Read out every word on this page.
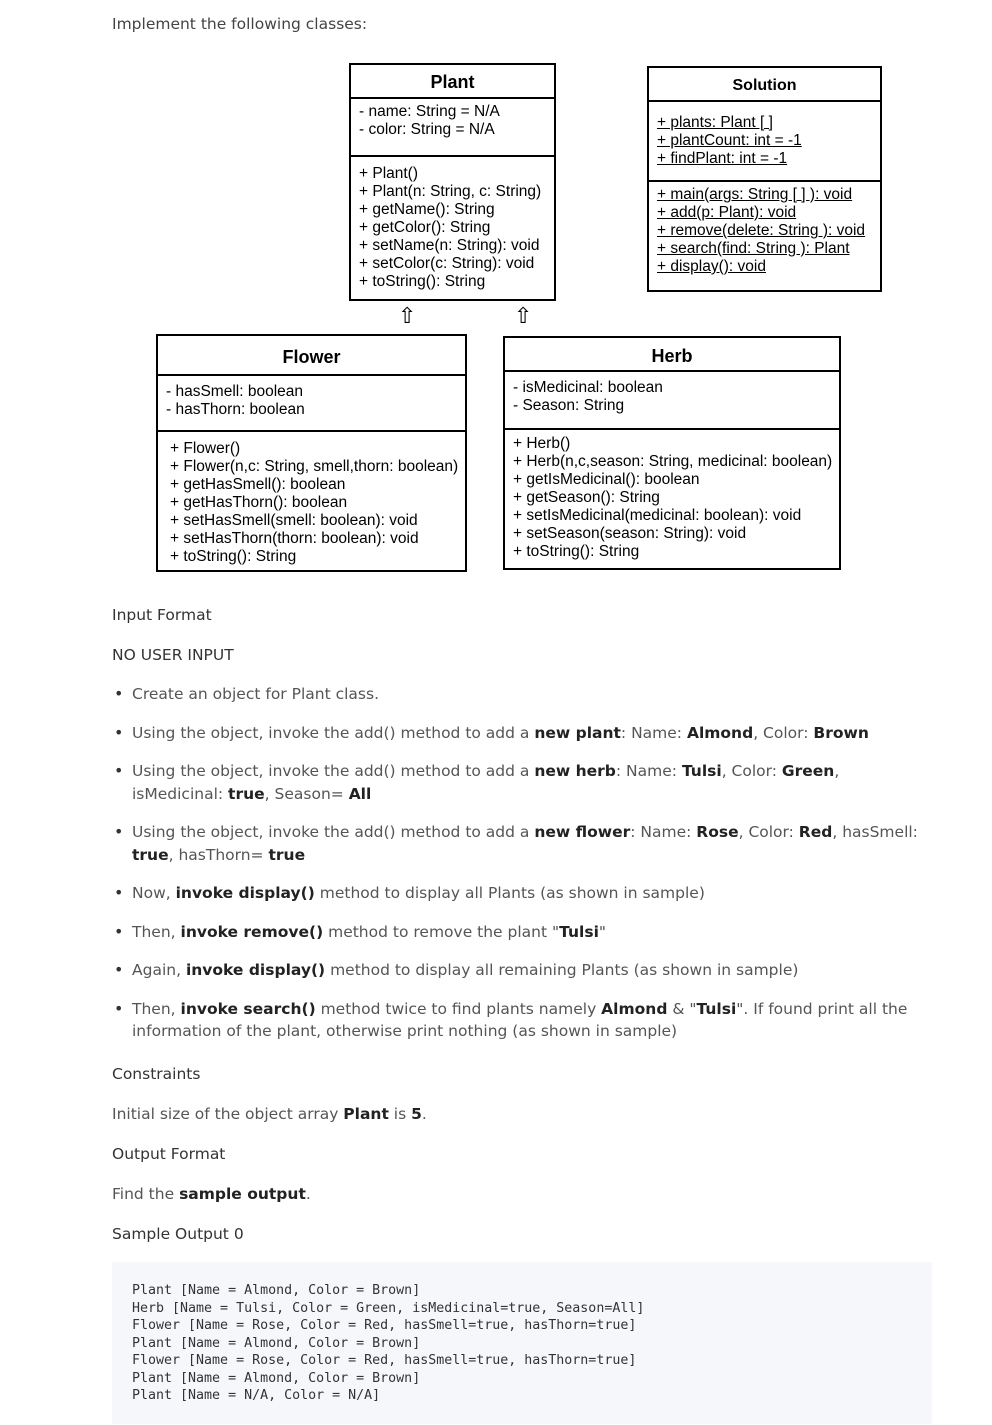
Implement the following classes:
Plant
- name: String = N/A
- color: String = N/A
+ Plant()
+ Plant(n: String, c: String)
+ getName(): String
+ getColor(): String
+ setName(n: String): void
+ setColor(c: String): void
+ toString(): String
Solution
+ plants: Plant [ ]
+ plantCount: int = -1
+ findPlant: int = -1
+ main(args: String [ ] ): void
+ add(p: Plant): void
+ remove(delete: String ): void
+ search(find: String ): Plant
+ display(): void
⇧	⇧
Flower
- hasSmell: boolean
- hasThorn: boolean
+ Flower()
+ Flower(n,c: String, smell,thorn: boolean)
+ getHasSmell(): boolean
+ getHasThorn(): boolean
+ setHasSmell(smell: boolean): void
+ setHasThorn(thorn: boolean): void
+ toString(): String
Herb
- isMedicinal: boolean
- Season: String
+ Herb()
+ Herb(n,c,season: String, medicinal: boolean)
+ getIsMedicinal(): boolean
+ getSeason(): String
+ setIsMedicinal(medicinal: boolean): void
+ setSeason(season: String): void
+ toString(): String
Input Format
NO USER INPUT
• Create an object for Plant class.
• Using the object, invoke the add() method to add a new plant: Name: Almond, Color: Brown
• Using the object, invoke the add() method to add a new herb: Name: Tulsi, Color: Green, isMedicinal: true, Season= All
• Using the object, invoke the add() method to add a new flower: Name: Rose, Color: Red, hasSmell: true, hasThorn= true
• Now, invoke display() method to display all Plants (as shown in sample)
• Then, invoke remove() method to remove the plant "Tulsi"
• Again, invoke display() method to display all remaining Plants (as shown in sample)
• Then, invoke search() method twice to find plants namely Almond & "Tulsi". If found print all the information of the plant, otherwise print nothing (as shown in sample)
Constraints
Initial size of the object array Plant is 5.
Output Format
Find the sample output.
Sample Output 0
Plant [Name = Almond, Color = Brown]
Herb [Name = Tulsi, Color = Green, isMedicinal=true, Season=All]
Flower [Name = Rose, Color = Red, hasSmell=true, hasThorn=true]
Plant [Name = Almond, Color = Brown]
Flower [Name = Rose, Color = Red, hasSmell=true, hasThorn=true]
Plant [Name = Almond, Color = Brown]
Plant [Name = N/A, Color = N/A]
